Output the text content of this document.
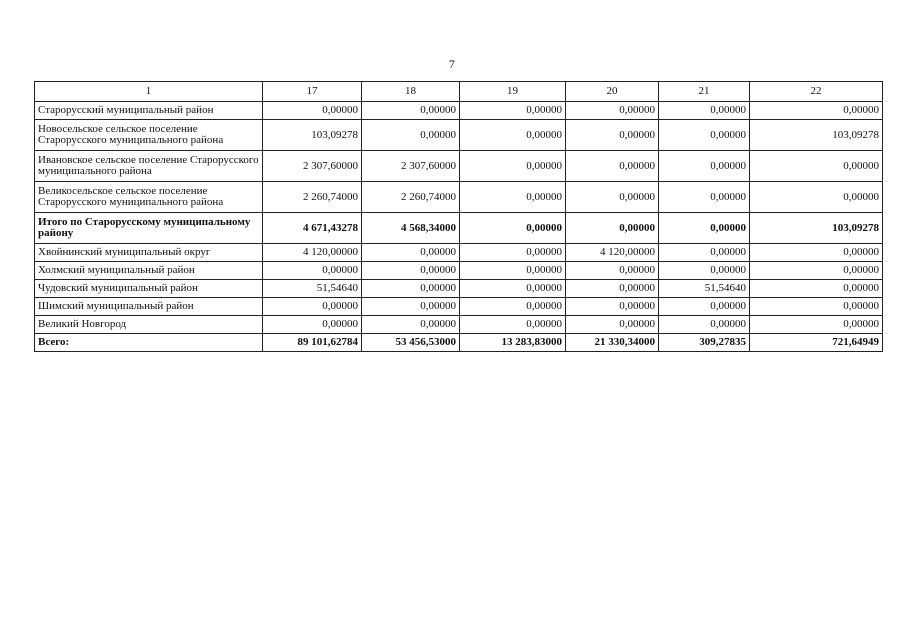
7
1	17	18	19	20	21	22
Старорусский муниципальный район	0,00000	0,00000	0,00000	0,00000	0,00000	0,00000
Новосельское сельское поселение Старорусского муниципального района	103,09278	0,00000	0,00000	0,00000	0,00000	103,09278
Ивановское сельское поселение Старорусского муниципального района	2 307,60000	2 307,60000	0,00000	0,00000	0,00000	0,00000
Великосельское сельское поселение Старорусского муниципального района	2 260,74000	2 260,74000	0,00000	0,00000	0,00000	0,00000
Итого по Старорусскому муниципальному району	4 671,43278	4 568,34000	0,00000	0,00000	0,00000	103,09278
Хвойнинский муниципальный округ	4 120,00000	0,00000	0,00000	4 120,00000	0,00000	0,00000
Холмский муниципальный район	0,00000	0,00000	0,00000	0,00000	0,00000	0,00000
Чудовский муниципальный район	51,54640	0,00000	0,00000	0,00000	51,54640	0,00000
Шимский муниципальный район	0,00000	0,00000	0,00000	0,00000	0,00000	0,00000
Великий Новгород	0,00000	0,00000	0,00000	0,00000	0,00000	0,00000
Всего:	89 101,62784	53 456,53000	13 283,83000	21 330,34000	309,27835	721,64949
